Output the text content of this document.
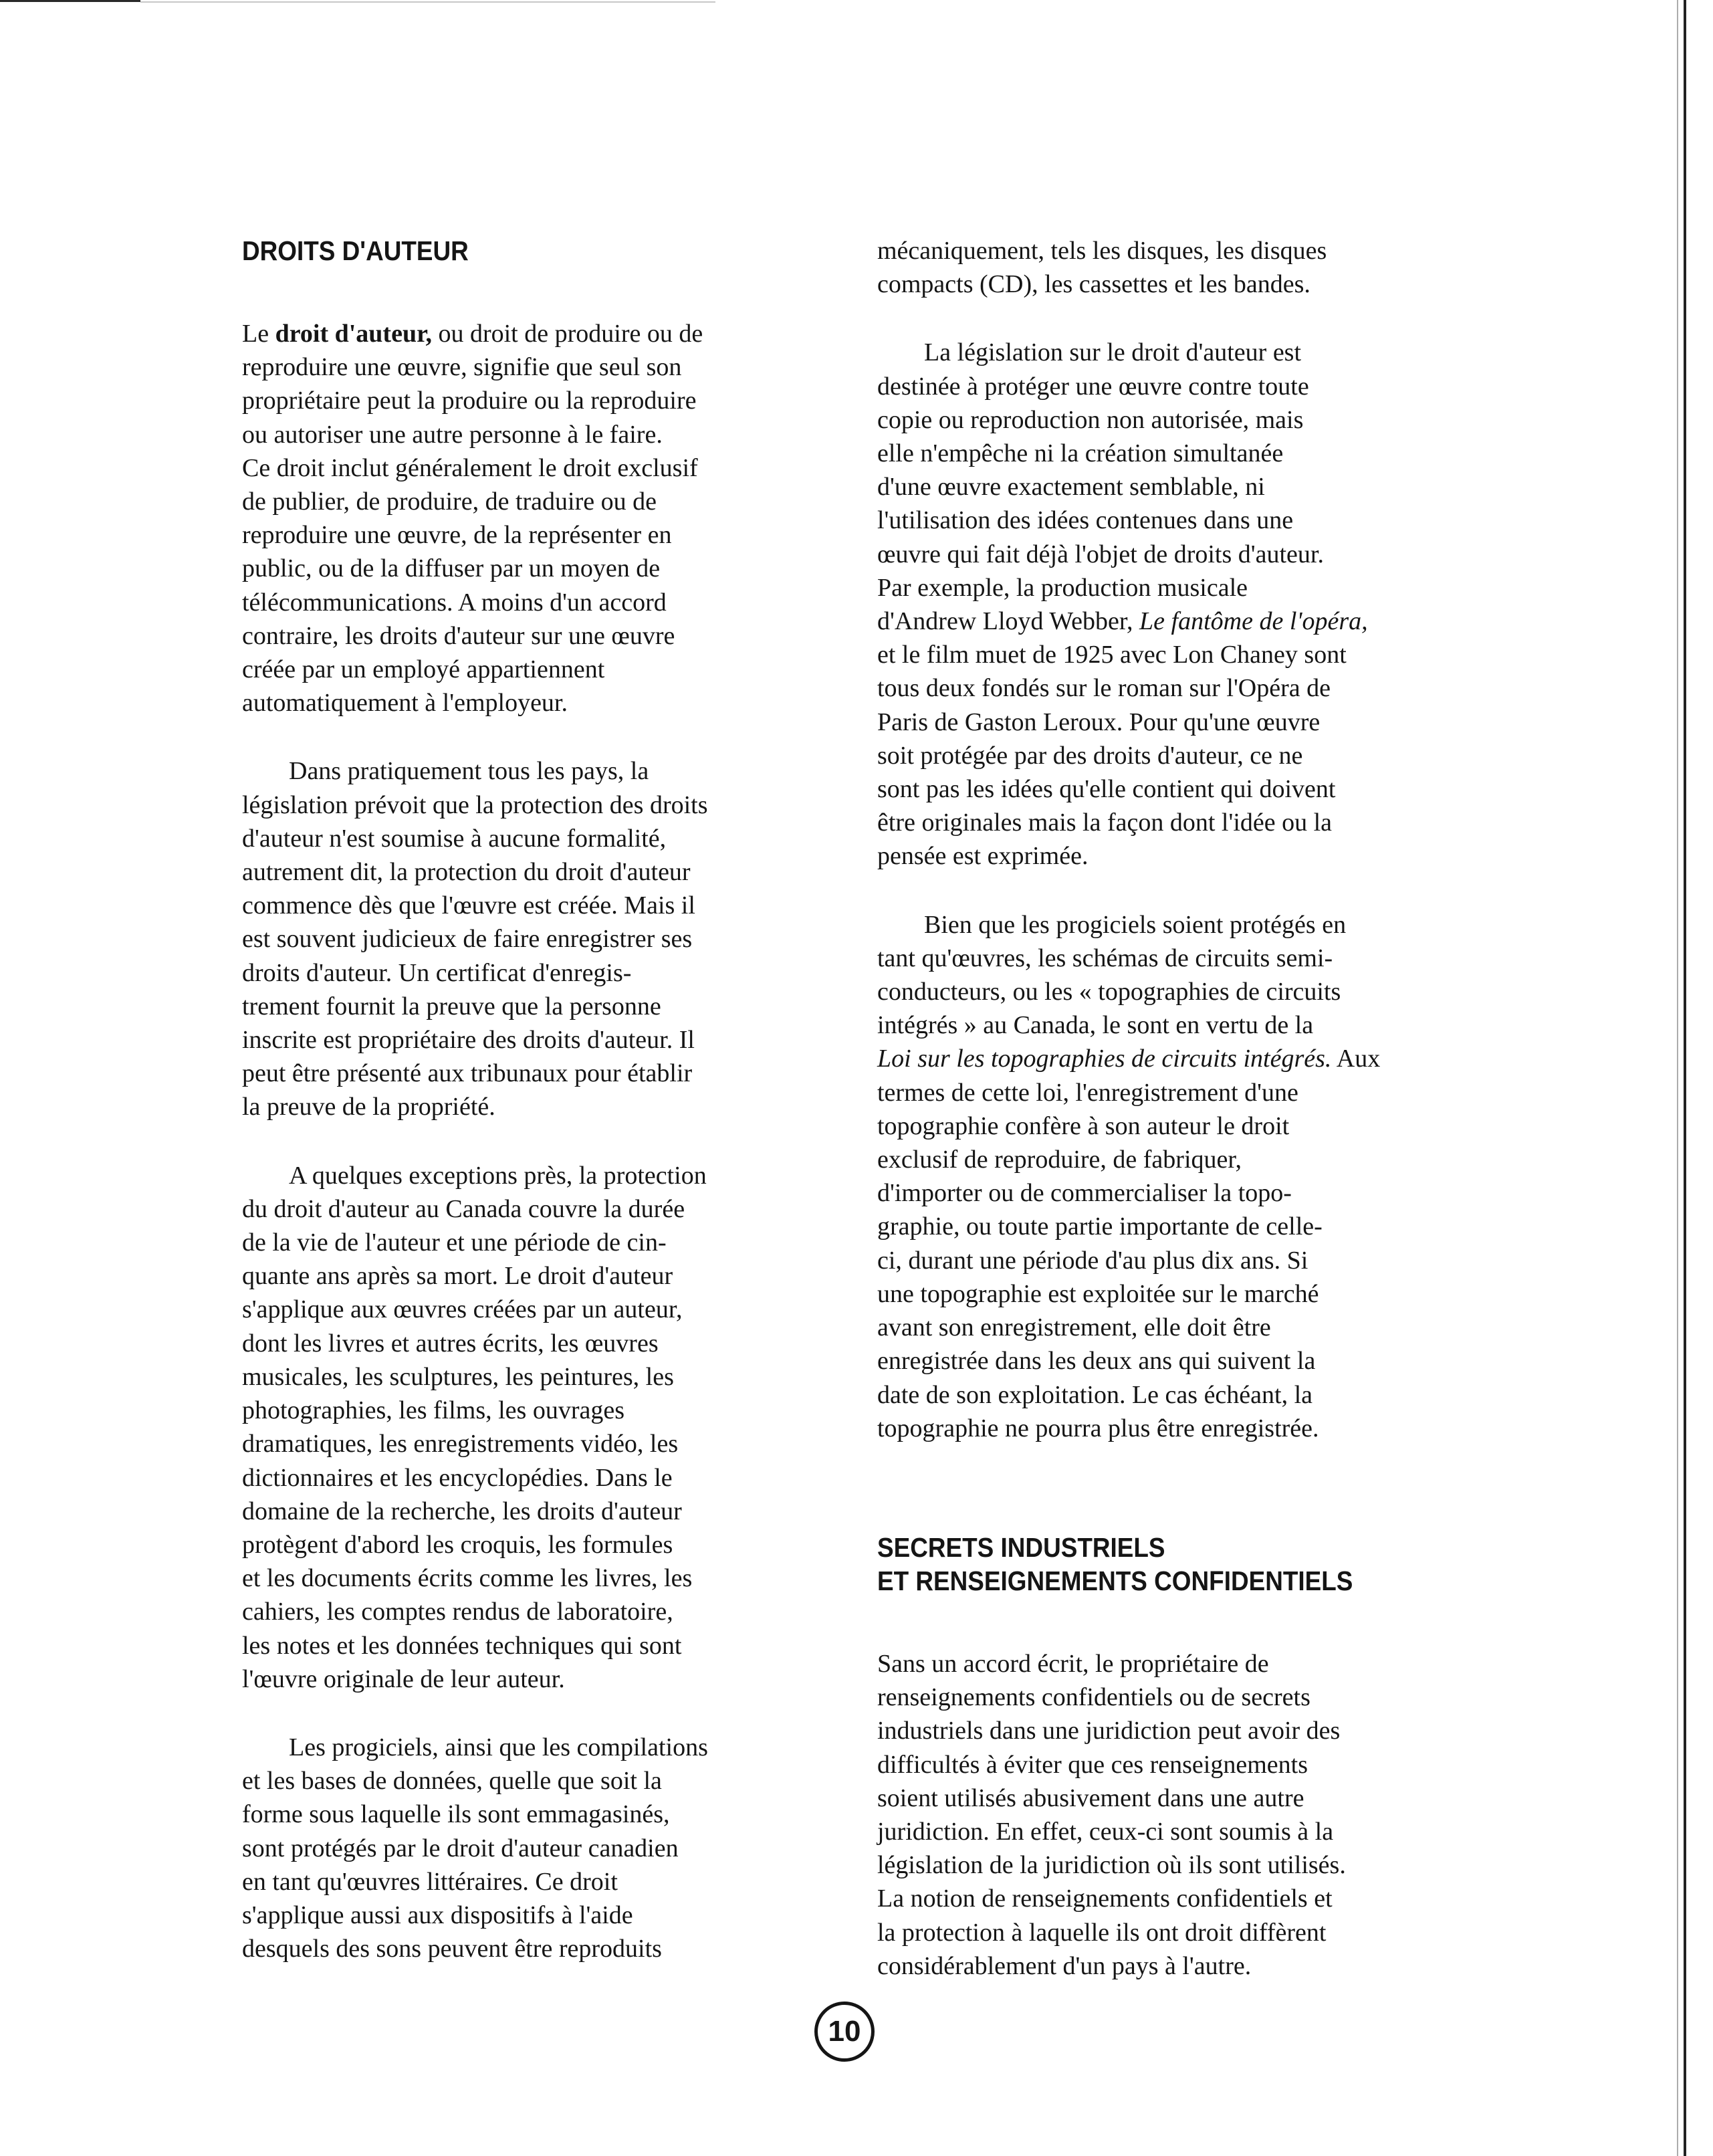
DROITS D'AUTEUR
Le droit d'auteur, ou droit de produire ou de
reproduire une œuvre, signifie que seul son
propriétaire peut la produire ou la reproduire
ou autoriser une autre personne à le faire.
Ce droit inclut généralement le droit exclusif
de publier, de produire, de traduire ou de
reproduire une œuvre, de la représenter en
public, ou de la diffuser par un moyen de
télécommunications. A moins d'un accord
contraire, les droits d'auteur sur une œuvre
créée par un employé appartiennent
automatiquement à l'employeur.
Dans pratiquement tous les pays, la
législation prévoit que la protection des droits
d'auteur n'est soumise à aucune formalité,
autrement dit, la protection du droit d'auteur
commence dès que l'œuvre est créée. Mais il
est souvent judicieux de faire enregistrer ses
droits d'auteur. Un certificat d'enregis-
trement fournit la preuve que la personne
inscrite est propriétaire des droits d'auteur. Il
peut être présenté aux tribunaux pour établir
la preuve de la propriété.
A quelques exceptions près, la protection
du droit d'auteur au Canada couvre la durée
de la vie de l'auteur et une période de cin-
quante ans après sa mort. Le droit d'auteur
s'applique aux œuvres créées par un auteur,
dont les livres et autres écrits, les œuvres
musicales, les sculptures, les peintures, les
photographies, les films, les ouvrages
dramatiques, les enregistrements vidéo, les
dictionnaires et les encyclopédies. Dans le
domaine de la recherche, les droits d'auteur
protègent d'abord les croquis, les formules
et les documents écrits comme les livres, les
cahiers, les comptes rendus de laboratoire,
les notes et les données techniques qui sont
l'œuvre originale de leur auteur.
Les progiciels, ainsi que les compilations
et les bases de données, quelle que soit la
forme sous laquelle ils sont emmagasinés,
sont protégés par le droit d'auteur canadien
en tant qu'œuvres littéraires. Ce droit
s'applique aussi aux dispositifs à l'aide
desquels des sons peuvent être reproduits
mécaniquement, tels les disques, les disques
compacts (CD), les cassettes et les bandes.
La législation sur le droit d'auteur est
destinée à protéger une œuvre contre toute
copie ou reproduction non autorisée, mais
elle n'empêche ni la création simultanée
d'une œuvre exactement semblable, ni
l'utilisation des idées contenues dans une
œuvre qui fait déjà l'objet de droits d'auteur.
Par exemple, la production musicale
d'Andrew Lloyd Webber, Le fantôme de l'opéra,
et le film muet de 1925 avec Lon Chaney sont
tous deux fondés sur le roman sur l'Opéra de
Paris de Gaston Leroux. Pour qu'une œuvre
soit protégée par des droits d'auteur, ce ne
sont pas les idées qu'elle contient qui doivent
être originales mais la façon dont l'idée ou la
pensée est exprimée.
Bien que les progiciels soient protégés en
tant qu'œuvres, les schémas de circuits semi-
conducteurs, ou les « topographies de circuits
intégrés » au Canada, le sont en vertu de la
Loi sur les topographies de circuits intégrés. Aux
termes de cette loi, l'enregistrement d'une
topographie confère à son auteur le droit
exclusif de reproduire, de fabriquer,
d'importer ou de commercialiser la topo-
graphie, ou toute partie importante de celle-
ci, durant une période d'au plus dix ans. Si
une topographie est exploitée sur le marché
avant son enregistrement, elle doit être
enregistrée dans les deux ans qui suivent la
date de son exploitation. Le cas échéant, la
topographie ne pourra plus être enregistrée.
SECRETS INDUSTRIELS
ET RENSEIGNEMENTS CONFIDENTIELS
Sans un accord écrit, le propriétaire de
renseignements confidentiels ou de secrets
industriels dans une juridiction peut avoir des
difficultés à éviter que ces renseignements
soient utilisés abusivement dans une autre
juridiction. En effet, ceux-ci sont soumis à la
législation de la juridiction où ils sont utilisés.
La notion de renseignements confidentiels et
la protection à laquelle ils ont droit diffèrent
considérablement d'un pays à l'autre.
10
